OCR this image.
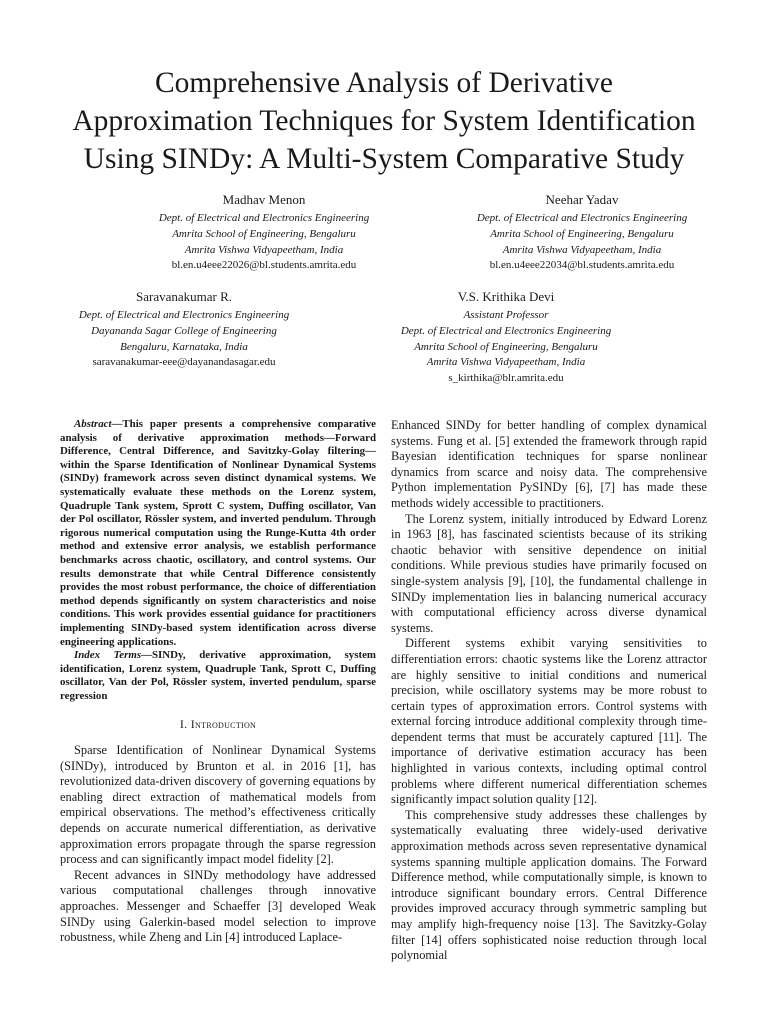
Comprehensive Analysis of Derivative
Approximation Techniques for System Identification
Using SINDy: A Multi-System Comparative Study
Madhav Menon
Dept. of Electrical and Electronics Engineering
Amrita School of Engineering, Bengaluru
Amrita Vishwa Vidyapeetham, India
bl.en.u4eee22026@bl.students.amrita.edu
Neehar Yadav
Dept. of Electrical and Electronics Engineering
Amrita School of Engineering, Bengaluru
Amrita Vishwa Vidyapeetham, India
bl.en.u4eee22034@bl.students.amrita.edu
Saravanakumar R.
Dept. of Electrical and Electronics Engineering
Dayananda Sagar College of Engineering
Bengaluru, Karnataka, India
saravanakumar-eee@dayanandasagar.edu
V.S. Krithika Devi
Assistant Professor
Dept. of Electrical and Electronics Engineering
Amrita School of Engineering, Bengaluru
Amrita Vishwa Vidyapeetham, India
s_kirthika@blr.amrita.edu

Abstract—This paper presents a comprehensive comparative analysis of derivative approximation methods—Forward Difference, Central Difference, and Savitzky-Golay filtering—within the Sparse Identification of Nonlinear Dynamical Systems (SINDy) framework across seven distinct dynamical systems. We systematically evaluate these methods on the Lorenz system, Quadruple Tank system, Sprott C system, Duffing oscillator, Van der Pol oscillator, Rössler system, and inverted pendulum. Through rigorous numerical computation using the Runge-Kutta 4th order method and extensive error analysis, we establish performance benchmarks across chaotic, oscillatory, and control systems. Our results demonstrate that while Central Difference consistently provides the most robust performance, the choice of differentiation method depends significantly on system characteristics and noise conditions. This work provides essential guidance for practitioners implementing SINDy-based system identification across diverse engineering applications.

Index Terms—SINDy, derivative approximation, system identification, Lorenz system, Quadruple Tank, Sprott C, Duffing oscillator, Van der Pol, Rössler system, inverted pendulum, sparse regression

I. Introduction

Sparse Identification of Nonlinear Dynamical Systems (SINDy), introduced by Brunton et al. in 2016 [1], has revolutionized data-driven discovery of governing equations by enabling direct extraction of mathematical models from empirical observations. The method’s effectiveness critically depends on accurate numerical differentiation, as derivative approximation errors propagate through the sparse regression process and can significantly impact model fidelity [2].

Recent advances in SINDy methodology have addressed various computational challenges through innovative approaches. Messenger and Schaeffer [3] developed Weak SINDy using Galerkin-based model selection to improve robustness, while Zheng and Lin [4] introduced Laplace-

Enhanced SINDy for better handling of complex dynamical systems. Fung et al. [5] extended the framework through rapid Bayesian identification techniques for sparse nonlinear dynamics from scarce and noisy data. The comprehensive Python implementation PySINDy [6], [7] has made these methods widely accessible to practitioners.

The Lorenz system, initially introduced by Edward Lorenz in 1963 [8], has fascinated scientists because of its striking chaotic behavior with sensitive dependence on initial conditions. While previous studies have primarily focused on single-system analysis [9], [10], the fundamental challenge in SINDy implementation lies in balancing numerical accuracy with computational efficiency across diverse dynamical systems.

Different systems exhibit varying sensitivities to differentiation errors: chaotic systems like the Lorenz attractor are highly sensitive to initial conditions and numerical precision, while oscillatory systems may be more robust to certain types of approximation errors. Control systems with external forcing introduce additional complexity through time-dependent terms that must be accurately captured [11]. The importance of derivative estimation accuracy has been highlighted in various contexts, including optimal control problems where different numerical differentiation schemes significantly impact solution quality [12].

This comprehensive study addresses these challenges by systematically evaluating three widely-used derivative approximation methods across seven representative dynamical systems spanning multiple application domains. The Forward Difference method, while computationally simple, is known to introduce significant boundary errors. Central Difference provides improved accuracy through symmetric sampling but may amplify high-frequency noise [13]. The Savitzky-Golay filter [14] offers sophisticated noise reduction through local polynomial
